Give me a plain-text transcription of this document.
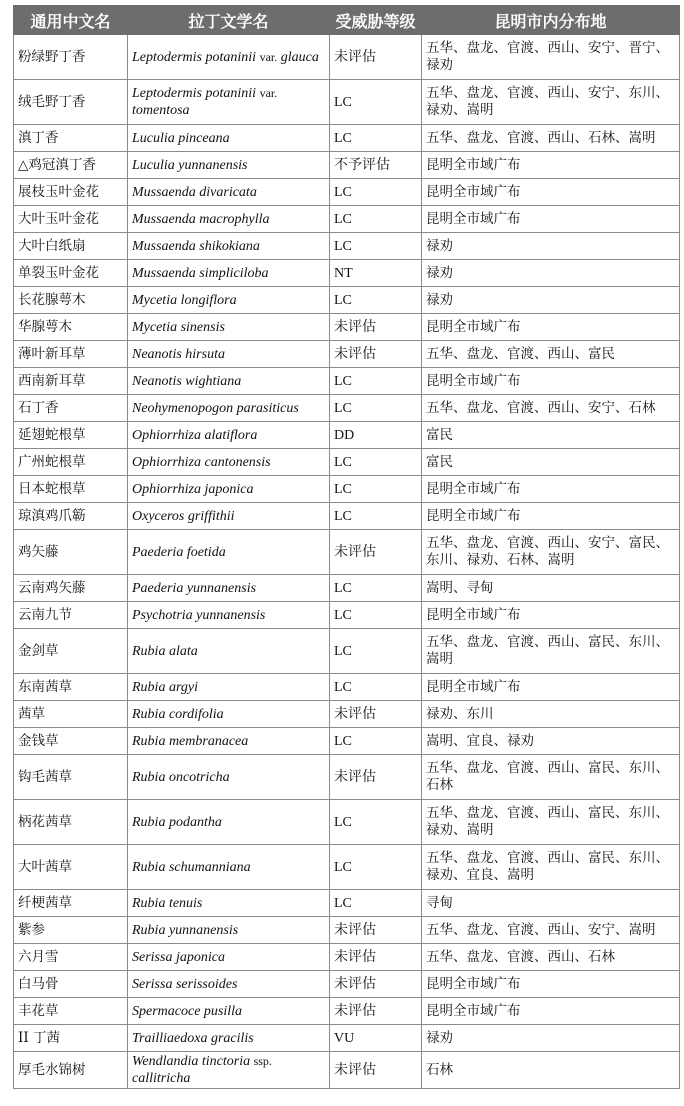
通用中文名	拉丁文学名	受威胁等级	昆明市内分布地
粉绿野丁香	Leptodermis potaninii var. glauca	未评估	五华、盘龙、官渡、西山、安宁、晋宁、禄劝
绒毛野丁香	Leptodermis potaninii var. tomentosa	LC	五华、盘龙、官渡、西山、安宁、东川、禄劝、嵩明
滇丁香	Luculia pinceana	LC	五华、盘龙、官渡、西山、石林、嵩明
△鸡冠滇丁香	Luculia yunnanensis	不予评估	昆明全市域广布
展枝玉叶金花	Mussaenda divaricata	LC	昆明全市域广布
大叶玉叶金花	Mussaenda macrophylla	LC	昆明全市域广布
大叶白纸扇	Mussaenda shikokiana	LC	禄劝
单裂玉叶金花	Mussaenda simpliciloba	NT	禄劝
长花腺萼木	Mycetia longiflora	LC	禄劝
华腺萼木	Mycetia sinensis	未评估	昆明全市域广布
薄叶新耳草	Neanotis hirsuta	未评估	五华、盘龙、官渡、西山、富民
西南新耳草	Neanotis wightiana	LC	昆明全市域广布
石丁香	Neohymenopogon parasiticus	LC	五华、盘龙、官渡、西山、安宁、石林
延翅蛇根草	Ophiorrhiza alatiflora	DD	富民
广州蛇根草	Ophiorrhiza cantonensis	LC	富民
日本蛇根草	Ophiorrhiza japonica	LC	昆明全市域广布
琼滇鸡爪簕	Oxyceros griffithii	LC	昆明全市域广布
鸡矢藤	Paederia foetida	未评估	五华、盘龙、官渡、西山、安宁、富民、东川、禄劝、石林、嵩明
云南鸡矢藤	Paederia yunnanensis	LC	嵩明、寻甸
云南九节	Psychotria yunnanensis	LC	昆明全市域广布
金剑草	Rubia alata	LC	五华、盘龙、官渡、西山、富民、东川、嵩明
东南茜草	Rubia argyi	LC	昆明全市域广布
茜草	Rubia cordifolia	未评估	禄劝、东川
金钱草	Rubia membranacea	LC	嵩明、宜良、禄劝
钩毛茜草	Rubia oncotricha	未评估	五华、盘龙、官渡、西山、富民、东川、石林
柄花茜草	Rubia podantha	LC	五华、盘龙、官渡、西山、富民、东川、禄劝、嵩明
大叶茜草	Rubia schumanniana	LC	五华、盘龙、官渡、西山、富民、东川、禄劝、宜良、嵩明
纤梗茜草	Rubia tenuis	LC	寻甸
紫参	Rubia yunnanensis	未评估	五华、盘龙、官渡、西山、安宁、嵩明
六月雪	Serissa japonica	未评估	五华、盘龙、官渡、西山、石林
白马骨	Serissa serissoides	未评估	昆明全市域广布
丰花草	Spermacoce pusilla	未评估	昆明全市域广布
II 丁茜	Trailliaedoxa gracilis	VU	禄劝
厚毛水锦树	Wendlandia tinctoria ssp. callitricha	未评估	石林
